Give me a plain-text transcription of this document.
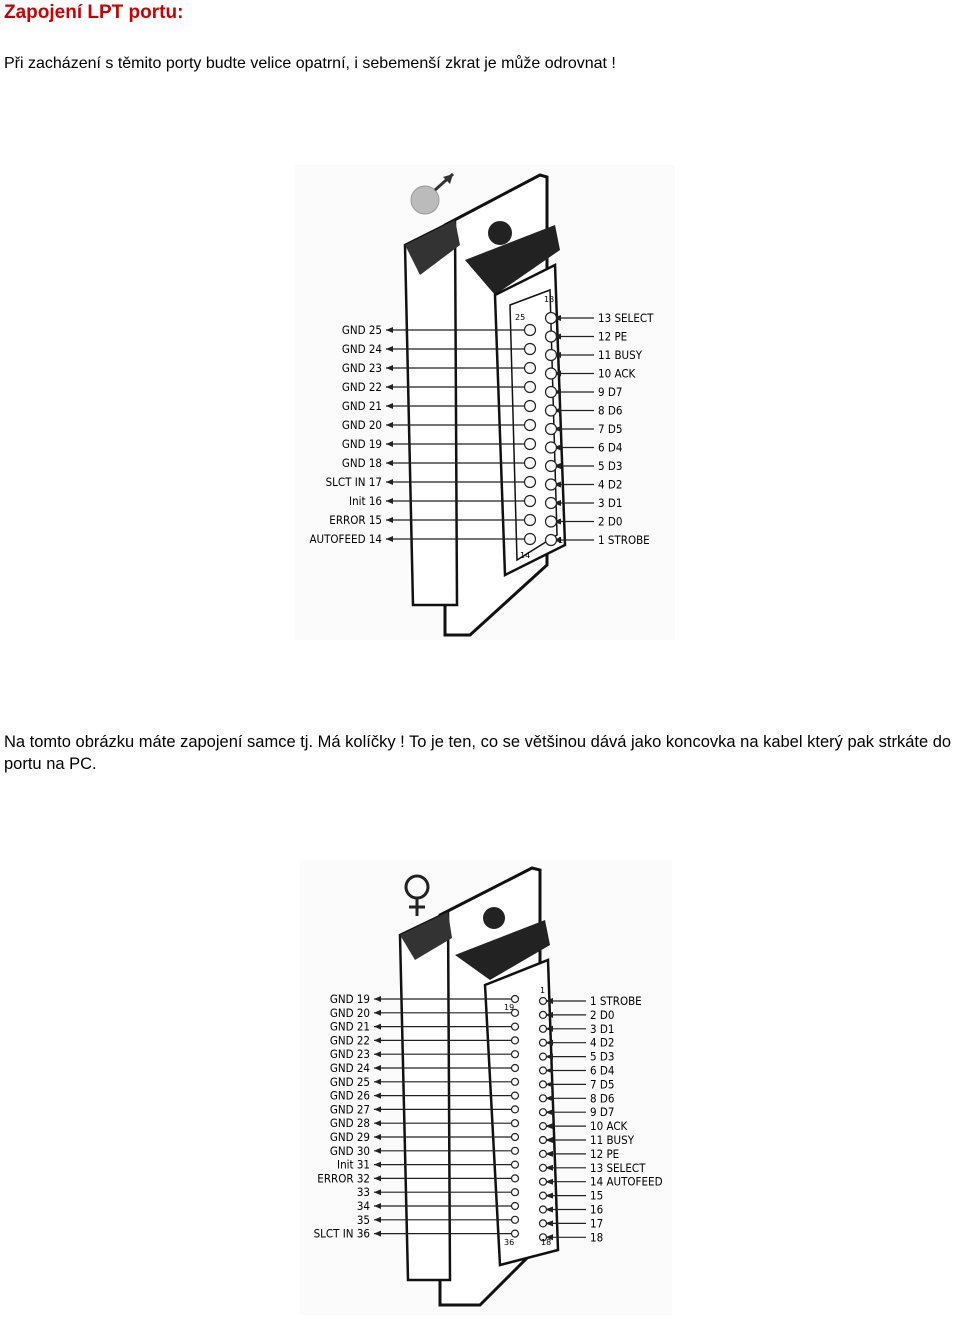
Zapojení LPT portu:
Při zacházení s těmito porty budte velice opatrní, i sebemenší zkrat je může odrovnat !
13
25
14
1
GND 25
GND 24
GND 23
GND 22
GND 21
GND 20
GND 19
GND 18
SLCT IN 17
Init 16
ERROR 15
AUTOFEED 14
13 SELECT
12 PE
11 BUSY
10 ACK
9 D7
8 D6
7 D5
6 D4
5 D3
4 D2
3 D1
2 D0
1 STROBE
Na tomto obrázku máte zapojení samce tj. Má kolíčky ! To je ten, co se většinou dává jako koncovka na kabel který pak strkáte do portu na PC.
1
19
36	18
GND 19
GND 20
GND 21
GND 22
GND 23
GND 24
GND 25
GND 26
GND 27
GND 28
GND 29
GND 30
Init 31
ERROR 32
33
34
35
SLCT IN 36
1 STROBE
2 D0
3 D1
4 D2
5 D3
6 D4
7 D5
8 D6
9 D7
10 ACK
11 BUSY
12 PE
13 SELECT
14 AUTOFEED
15
16
17
18
